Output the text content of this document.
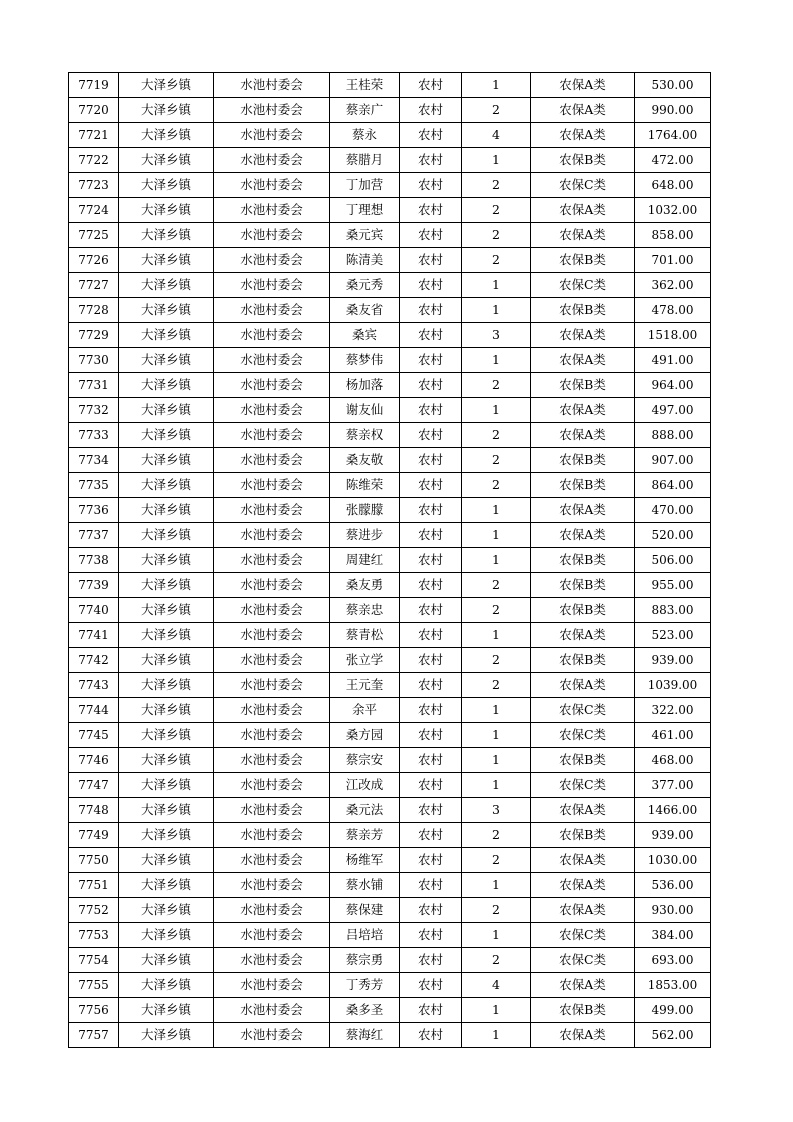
7719	大泽乡镇	水池村委会	王桂荣	农村	1	农保A类	530.00
7720	大泽乡镇	水池村委会	蔡亲广	农村	2	农保A类	990.00
7721	大泽乡镇	水池村委会	蔡永	农村	4	农保A类	1764.00
7722	大泽乡镇	水池村委会	蔡腊月	农村	1	农保B类	472.00
7723	大泽乡镇	水池村委会	丁加营	农村	2	农保C类	648.00
7724	大泽乡镇	水池村委会	丁理想	农村	2	农保A类	1032.00
7725	大泽乡镇	水池村委会	桑元宾	农村	2	农保A类	858.00
7726	大泽乡镇	水池村委会	陈清美	农村	2	农保B类	701.00
7727	大泽乡镇	水池村委会	桑元秀	农村	1	农保C类	362.00
7728	大泽乡镇	水池村委会	桑友省	农村	1	农保B类	478.00
7729	大泽乡镇	水池村委会	桑宾	农村	3	农保A类	1518.00
7730	大泽乡镇	水池村委会	蔡梦伟	农村	1	农保A类	491.00
7731	大泽乡镇	水池村委会	杨加落	农村	2	农保B类	964.00
7732	大泽乡镇	水池村委会	谢友仙	农村	1	农保A类	497.00
7733	大泽乡镇	水池村委会	蔡亲权	农村	2	农保A类	888.00
7734	大泽乡镇	水池村委会	桑友敬	农村	2	农保B类	907.00
7735	大泽乡镇	水池村委会	陈维荣	农村	2	农保B类	864.00
7736	大泽乡镇	水池村委会	张朦朦	农村	1	农保A类	470.00
7737	大泽乡镇	水池村委会	蔡进步	农村	1	农保A类	520.00
7738	大泽乡镇	水池村委会	周建红	农村	1	农保B类	506.00
7739	大泽乡镇	水池村委会	桑友勇	农村	2	农保B类	955.00
7740	大泽乡镇	水池村委会	蔡亲忠	农村	2	农保B类	883.00
7741	大泽乡镇	水池村委会	蔡青松	农村	1	农保A类	523.00
7742	大泽乡镇	水池村委会	张立学	农村	2	农保B类	939.00
7743	大泽乡镇	水池村委会	王元奎	农村	2	农保A类	1039.00
7744	大泽乡镇	水池村委会	余平	农村	1	农保C类	322.00
7745	大泽乡镇	水池村委会	桑方园	农村	1	农保C类	461.00
7746	大泽乡镇	水池村委会	蔡宗安	农村	1	农保B类	468.00
7747	大泽乡镇	水池村委会	江改成	农村	1	农保C类	377.00
7748	大泽乡镇	水池村委会	桑元法	农村	3	农保A类	1466.00
7749	大泽乡镇	水池村委会	蔡亲芳	农村	2	农保B类	939.00
7750	大泽乡镇	水池村委会	杨维军	农村	2	农保A类	1030.00
7751	大泽乡镇	水池村委会	蔡水铺	农村	1	农保A类	536.00
7752	大泽乡镇	水池村委会	蔡保建	农村	2	农保A类	930.00
7753	大泽乡镇	水池村委会	吕培培	农村	1	农保C类	384.00
7754	大泽乡镇	水池村委会	蔡宗勇	农村	2	农保C类	693.00
7755	大泽乡镇	水池村委会	丁秀芳	农村	4	农保A类	1853.00
7756	大泽乡镇	水池村委会	桑多圣	农村	1	农保B类	499.00
7757	大泽乡镇	水池村委会	蔡海红	农村	1	农保A类	562.00
